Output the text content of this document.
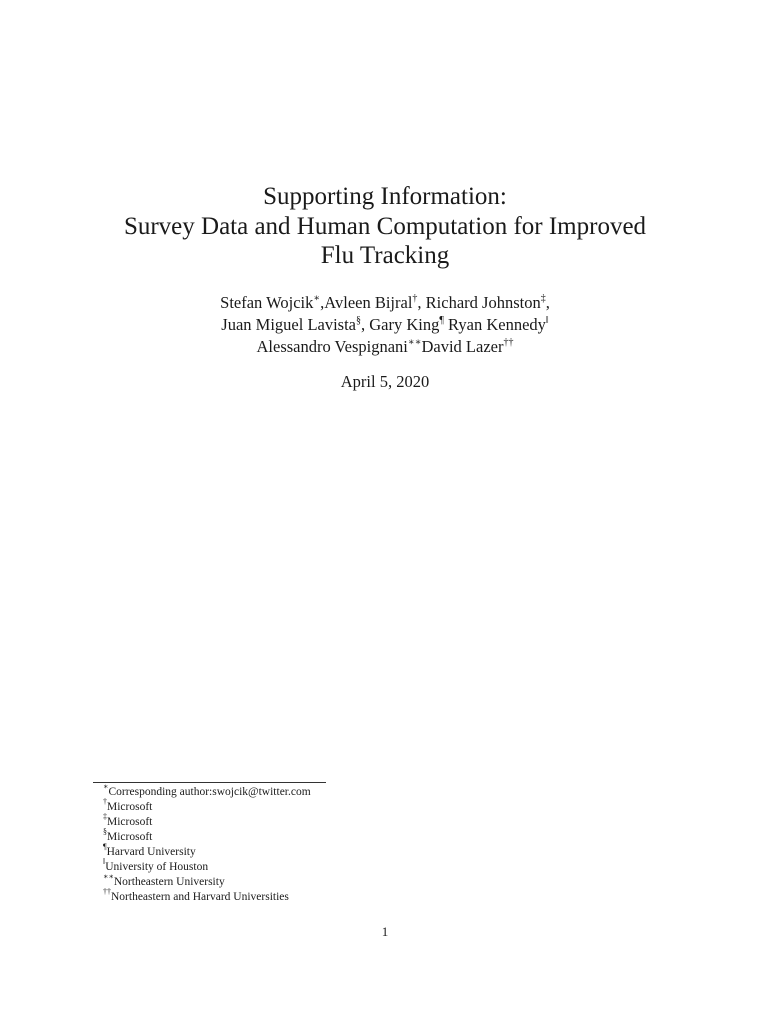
Supporting Information:
Survey Data and Human Computation for Improved
Flu Tracking
Stefan Wojcik∗,Avleen Bijral†, Richard Johnston‡,
Juan Miguel Lavista§, Gary King¶ Ryan Kennedy‖
Alessandro Vespignani∗∗David Lazer††
April 5, 2020
∗Corresponding author:swojcik@twitter.com
†Microsoft
‡Microsoft
§Microsoft
¶Harvard University
‖University of Houston
∗∗Northeastern University
††Northeastern and Harvard Universities
1
